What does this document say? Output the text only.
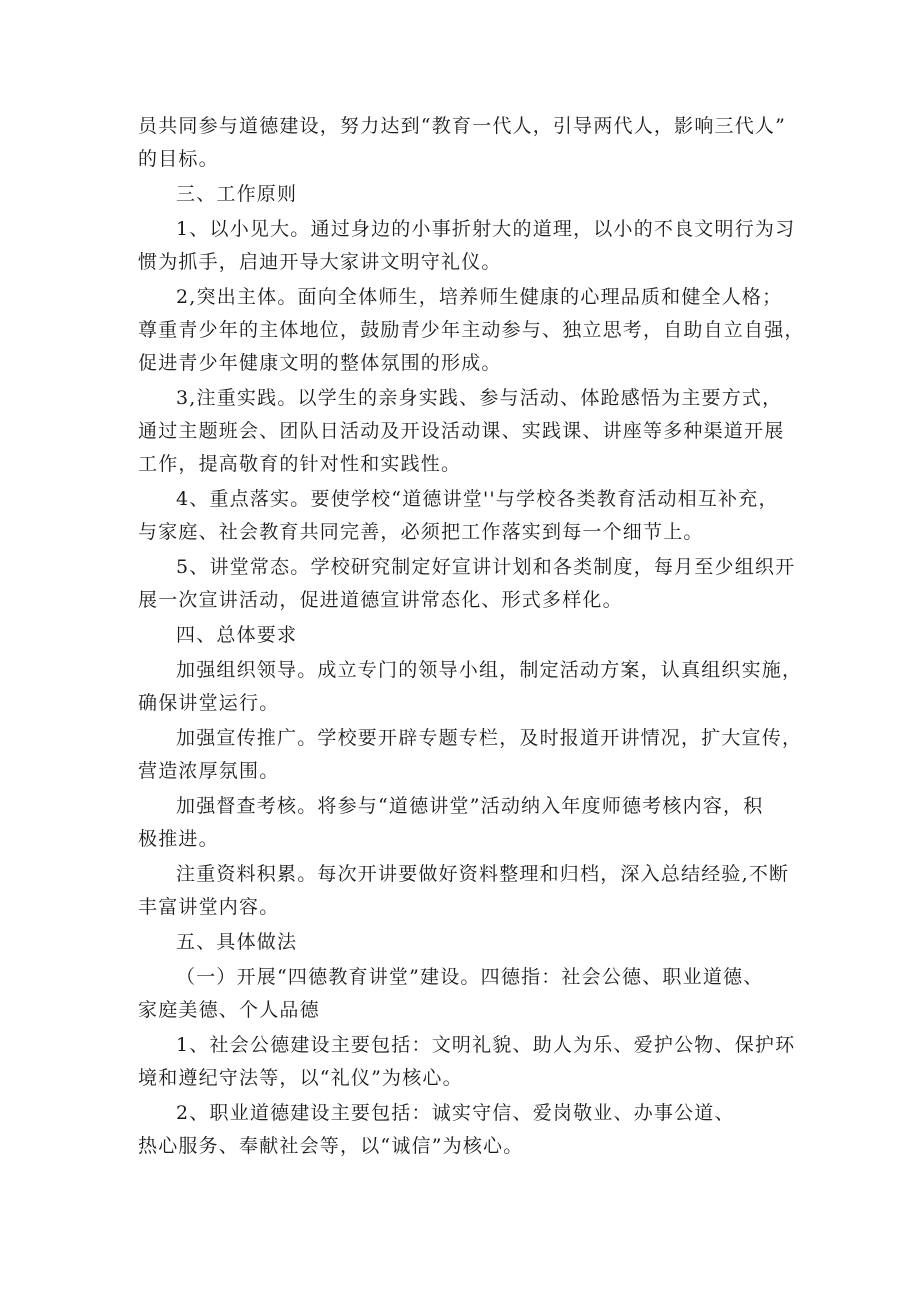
员共同参与道德建设，努力达到“教育一代人，引导两代人，影响三代人”
的目标。

三、工作原则

1、以小见大。通过身边的小事折射大的道理，以小的不良文明行为习
惯为抓手，启迪开导大家讲文明守礼仪。

2,突出主体。面向全体师生，培养师生健康的心理品质和健全人格；
尊重青少年的主体地位，鼓励青少年主动参与、独立思考，自助自立自强，
促进青少年健康文明的整体氛围的形成。

3,注重实践。以学生的亲身实践、参与活动、体跄感悟为主要方式，
通过主题班会、团队日活动及开设活动课、实践课、讲座等多种渠道开展
工作，提高敬育的针对性和实践性。

4、重点落实。要使学校“道德讲堂''与学校各类教育活动相互补充，
与家庭、社会教育共同完善，必须把工作落实到每一个细节上。

5、讲堂常态。学校研究制定好宣讲计划和各类制度，每月至少组织开
展一次宣讲活动，促进道德宣讲常态化、形式多样化。

四、总体要求

加强组织领导。成立专门的领导小组，制定活动方案，认真组织实施，
确保讲堂运行。

加强宣传推广。学校要开辟专题专栏，及时报道开讲情况，扩大宣传，
营造浓厚氛围。

加强督查考核。将参与“道德讲堂”活动纳入年度师德考核内容，积
极推进。

注重资料积累。每次开讲要做好资料整理和归档，深入总结经验,不断
丰富讲堂内容。

五、具体做法

（一）开展“四德教育讲堂”建设。四德指：社会公德、职业道德、
家庭美德、个人品德

1、社会公德建设主要包括：文明礼貌、助人为乐、爱护公物、保护环
境和遵纪守法等，以“礼仪”为核心。

2、职业道德建设主要包括：诚实守信、爱岗敬业、办事公道、
热心服务、奉献社会等，以“诚信”为核心。
